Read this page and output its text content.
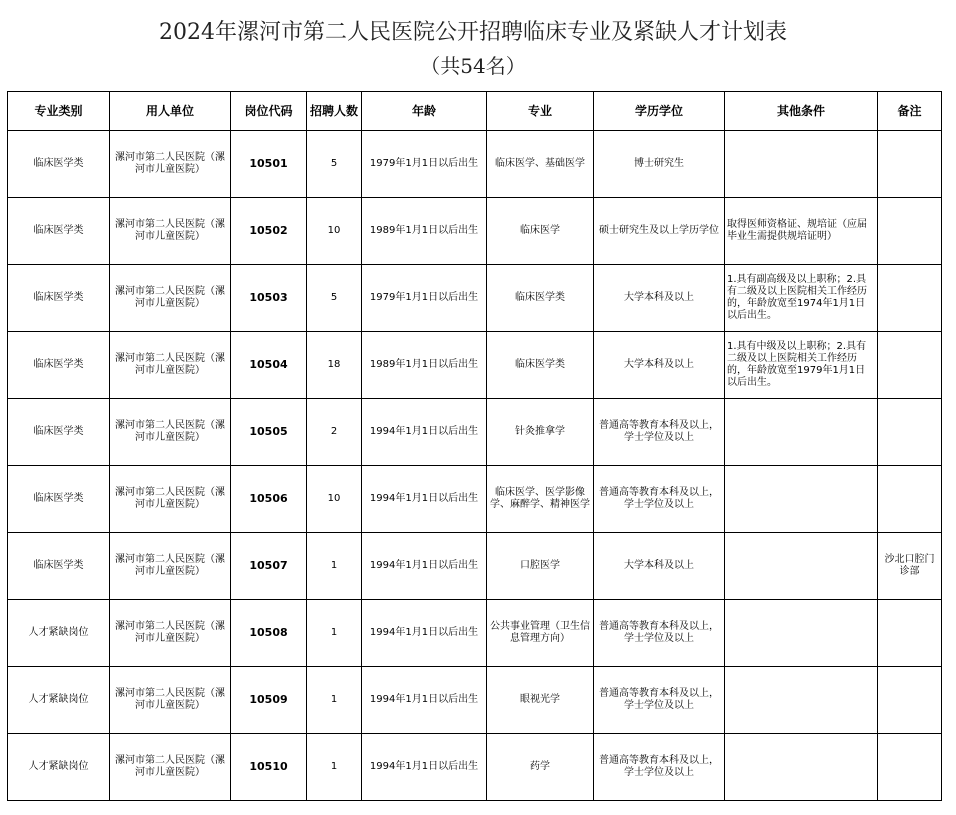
2024年漯河市第二人民医院公开招聘临床专业及紧缺人才计划表
（共54名）
专业类别	用人单位	岗位代码	招聘人数	年龄	专业	学历学位	其他条件	备注
临床医学类	漯河市第二人民医院（漯河市儿童医院）	10501	5	1979年1月1日以后出生	临床医学、基础医学	博士研究生		
临床医学类	漯河市第二人民医院（漯河市儿童医院）	10502	10	1989年1月1日以后出生	临床医学	硕士研究生及以上学历学位	取得医师资格证、规培证（应届毕业生需提供规培证明）	
临床医学类	漯河市第二人民医院（漯河市儿童医院）	10503	5	1979年1月1日以后出生	临床医学类	大学本科及以上	1.具有副高级及以上职称；2.具有二级及以上医院相关工作经历的，年龄放宽至1974年1月1日以后出生。	
临床医学类	漯河市第二人民医院（漯河市儿童医院）	10504	18	1989年1月1日以后出生	临床医学类	大学本科及以上	1.具有中级及以上职称；2.具有二级及以上医院相关工作经历的，年龄放宽至1979年1月1日以后出生。	
临床医学类	漯河市第二人民医院（漯河市儿童医院）	10505	2	1994年1月1日以后出生	针灸推拿学	普通高等教育本科及以上，学士学位及以上		
临床医学类	漯河市第二人民医院（漯河市儿童医院）	10506	10	1994年1月1日以后出生	临床医学、医学影像学、麻醉学、精神医学	普通高等教育本科及以上，学士学位及以上		
临床医学类	漯河市第二人民医院（漯河市儿童医院）	10507	1	1994年1月1日以后出生	口腔医学	大学本科及以上		沙北口腔门诊部
人才紧缺岗位	漯河市第二人民医院（漯河市儿童医院）	10508	1	1994年1月1日以后出生	公共事业管理（卫生信息管理方向）	普通高等教育本科及以上，学士学位及以上		
人才紧缺岗位	漯河市第二人民医院（漯河市儿童医院）	10509	1	1994年1月1日以后出生	眼视光学	普通高等教育本科及以上，学士学位及以上		
人才紧缺岗位	漯河市第二人民医院（漯河市儿童医院）	10510	1	1994年1月1日以后出生	药学	普通高等教育本科及以上，学士学位及以上		
